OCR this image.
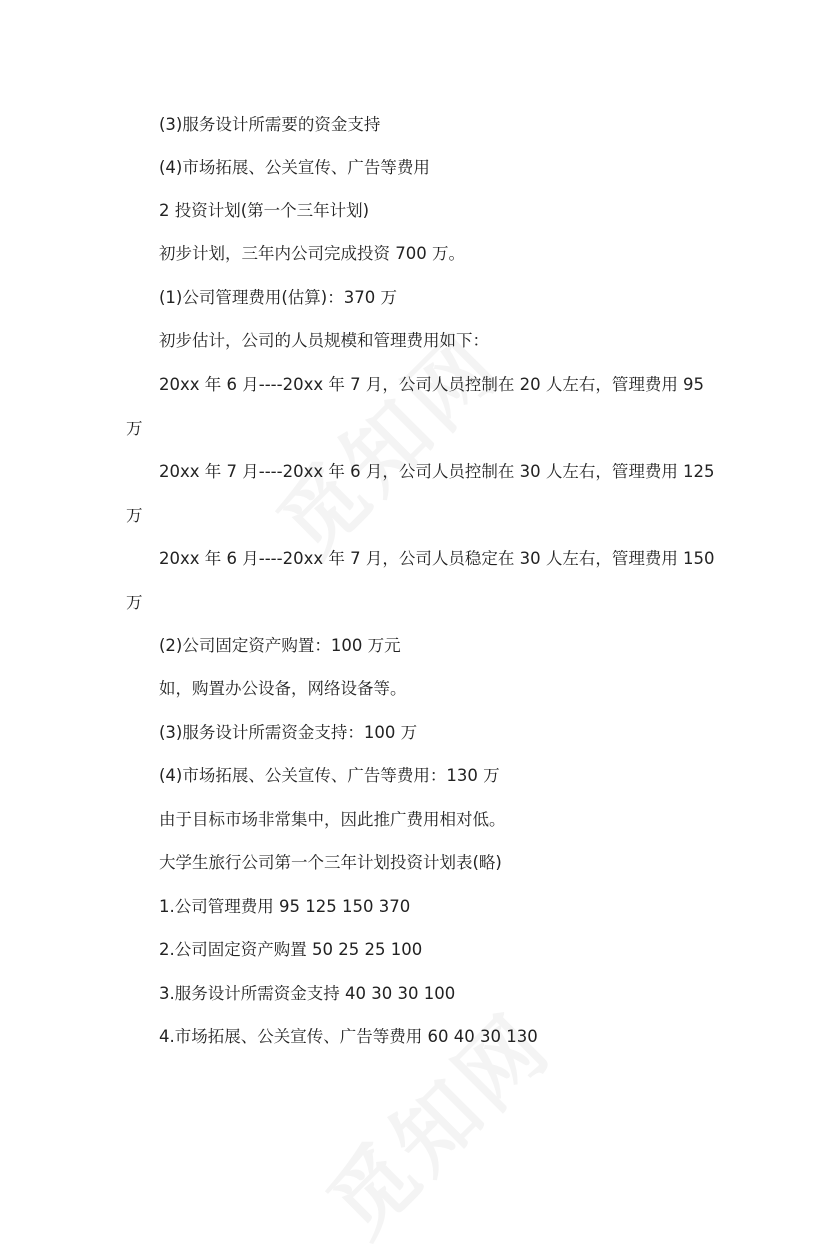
(3)服务设计所需要的资金支持
(4)市场拓展、公关宣传、广告等费用
2 投资计划(第一个三年计划)
初步计划，三年内公司完成投资 700 万。
(1)公司管理费用(估算)：370 万
初步估计，公司的人员规模和管理费用如下：
20xx 年 6 月----20xx 年 7 月，公司人员控制在 20 人左右，管理费用 95
万
20xx 年 7 月----20xx 年 6 月，公司人员控制在 30 人左右，管理费用 125
万
20xx 年 6 月----20xx 年 7 月，公司人员稳定在 30 人左右，管理费用 150
万
(2)公司固定资产购置：100 万元
如，购置办公设备，网络设备等。
(3)服务设计所需资金支持：100 万
(4)市场拓展、公关宣传、广告等费用：130 万
由于目标市场非常集中，因此推广费用相对低。
大学生旅行公司第一个三年计划投资计划表(略)
1.公司管理费用 95 125 150 370
2.公司固定资产购置 50 25 25 100
3.服务设计所需资金支持 40 30 30 100
4.市场拓展、公关宣传、广告等费用 60 40 30 130
